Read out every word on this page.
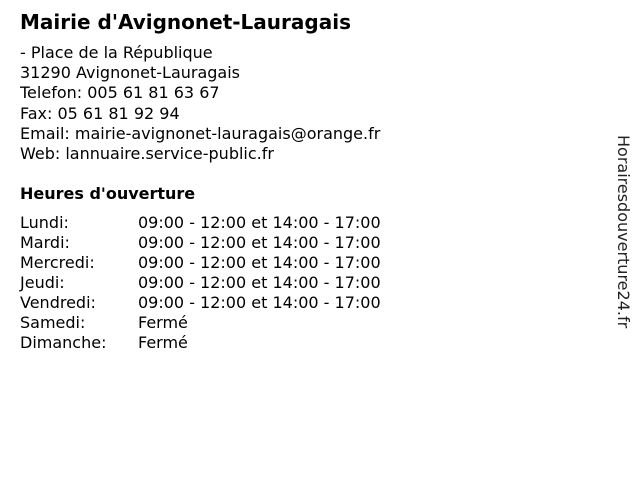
Mairie d'Avignonet-Lauragais
- Place de la République
31290 Avignonet-Lauragais
Telefon: 005 61 81 63 67
Fax: 05 61 81 92 94
Email: mairie-avignonet-lauragais@orange.fr
Web: lannuaire.service-public.fr
Heures d'ouverture
Lundi:	09:00 - 12:00 et 14:00 - 17:00
Mardi:	09:00 - 12:00 et 14:00 - 17:00
Mercredi:	09:00 - 12:00 et 14:00 - 17:00
Jeudi:	09:00 - 12:00 et 14:00 - 17:00
Vendredi:	09:00 - 12:00 et 14:00 - 17:00
Samedi:	Fermé
Dimanche: Fermé
Horairesdouverture24.fr
